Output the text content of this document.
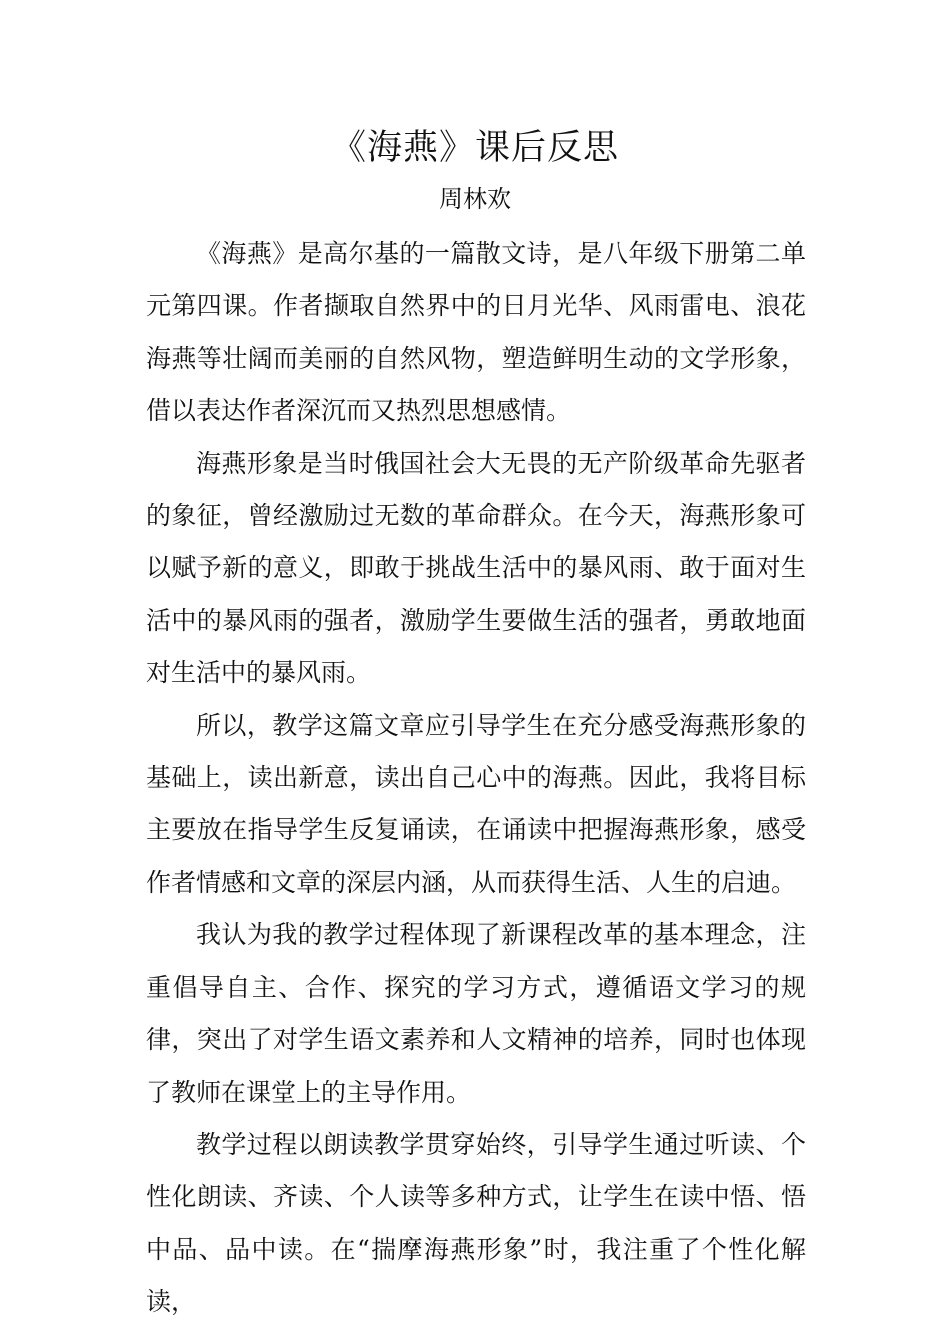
《海燕》课后反思
周林欢

《海燕》是高尔基的一篇散文诗，是八年级下册第二单元第四课。作者撷取自然界中的日月光华、风雨雷电、浪花海燕等壮阔而美丽的自然风物，塑造鲜明生动的文学形象，借以表达作者深沉而又热烈思想感情。

海燕形象是当时俄国社会大无畏的无产阶级革命先驱者的象征，曾经激励过无数的革命群众。在今天，海燕形象可以赋予新的意义，即敢于挑战生活中的暴风雨、敢于面对生活中的暴风雨的强者，激励学生要做生活的强者，勇敢地面对生活中的暴风雨。

所以，教学这篇文章应引导学生在充分感受海燕形象的基础上，读出新意，读出自己心中的海燕。因此，我将目标主要放在指导学生反复诵读，在诵读中把握海燕形象，感受作者情感和文章的深层内涵，从而获得生活、人生的启迪。

我认为我的教学过程体现了新课程改革的基本理念，注重倡导自主、合作、探究的学习方式，遵循语文学习的规律，突出了对学生语文素养和人文精神的培养，同时也体现了教师在课堂上的主导作用。

教学过程以朗读教学贯穿始终，引导学生通过听读、个性化朗读、齐读、个人读等多种方式，让学生在读中悟、悟中品、品中读。在“揣摩海燕形象”时，我注重了个性化解读，
